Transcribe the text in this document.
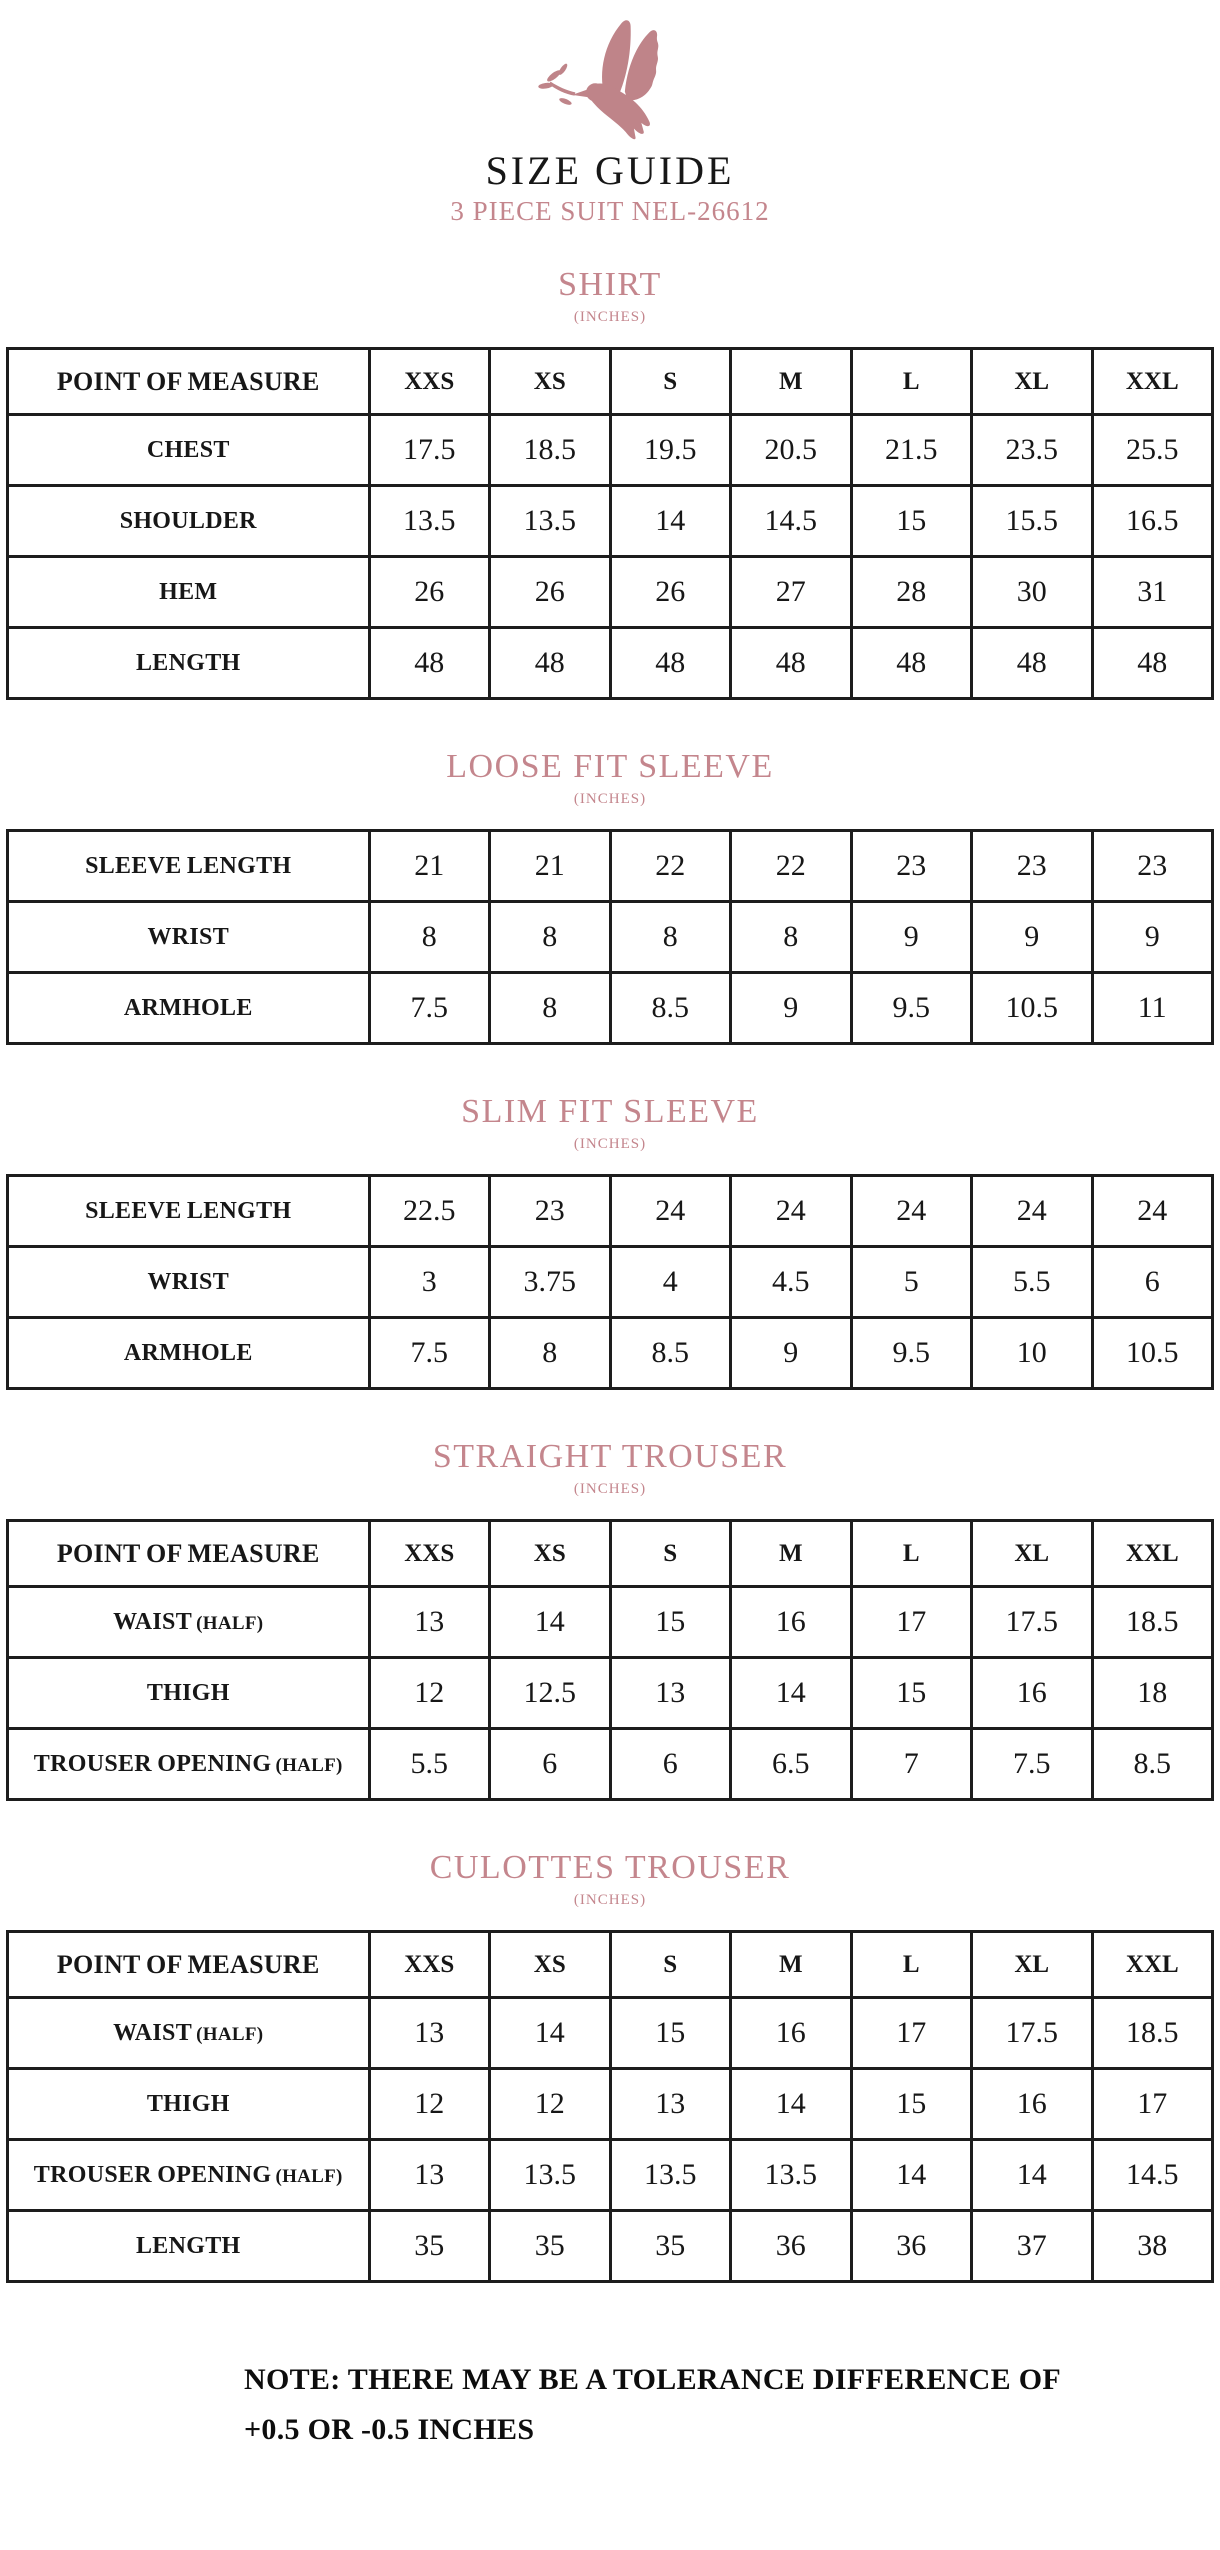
SIZE GUIDE
3 PIECE SUIT NEL-26612
SHIRT
(INCHES)
POINT OF MEASURE	XXS	XS	S	M	L	XL	XXL
CHEST	17.5	18.5	19.5	20.5	21.5	23.5	25.5
SHOULDER	13.5	13.5	14	14.5	15	15.5	16.5
HEM	26	26	26	27	28	30	31
LENGTH	48	48	48	48	48	48	48
LOOSE FIT SLEEVE
(INCHES)
SLEEVE LENGTH	21	21	22	22	23	23	23
WRIST	8	8	8	8	9	9	9
ARMHOLE	7.5	8	8.5	9	9.5	10.5	11
SLIM FIT SLEEVE
(INCHES)
SLEEVE LENGTH	22.5	23	24	24	24	24	24
WRIST	3	3.75	4	4.5	5	5.5	6
ARMHOLE	7.5	8	8.5	9	9.5	10	10.5
STRAIGHT TROUSER
(INCHES)
POINT OF MEASURE	XXS	XS	S	M	L	XL	XXL
WAIST (HALF)	13	14	15	16	17	17.5	18.5
THIGH	12	12.5	13	14	15	16	18
TROUSER OPENING (HALF)	5.5	6	6	6.5	7	7.5	8.5
CULOTTES TROUSER
(INCHES)
POINT OF MEASURE	XXS	XS	S	M	L	XL	XXL
WAIST (HALF)	13	14	15	16	17	17.5	18.5
THIGH	12	12	13	14	15	16	17
TROUSER OPENING (HALF)	13	13.5	13.5	13.5	14	14	14.5
LENGTH	35	35	35	36	36	37	38
NOTE: THERE MAY BE A TOLERANCE DIFFERENCE OF
+0.5 OR -0.5 INCHES
